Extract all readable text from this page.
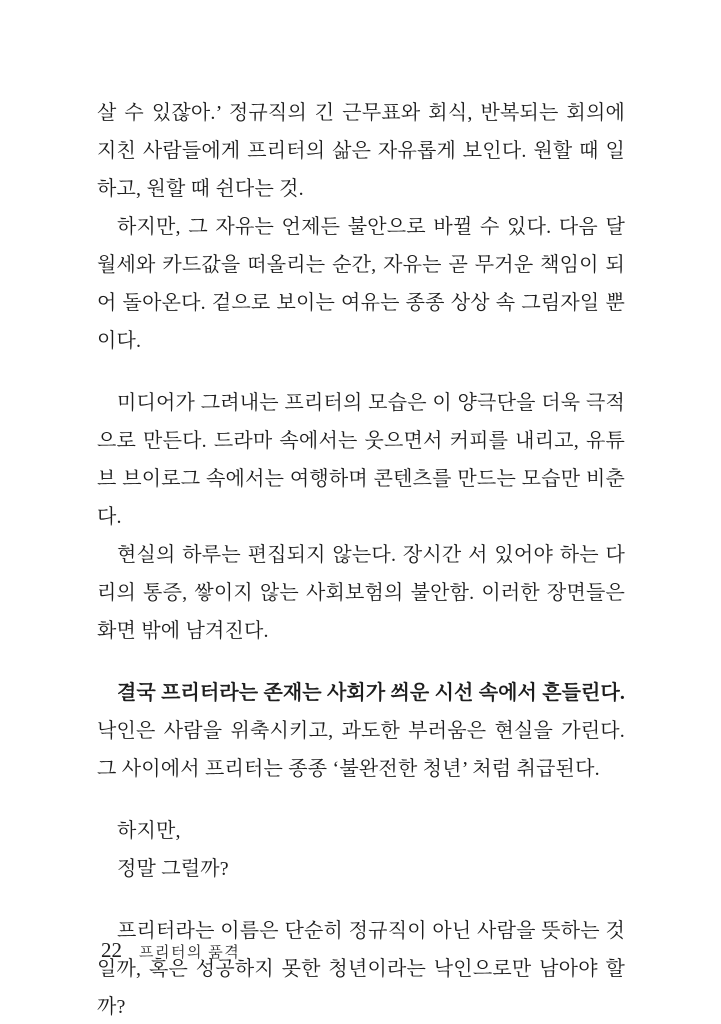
살 수 있잖아.’ 정규직의 긴 근무표와 회식, 반복되는 회의에 지친 사람들에게 프리터의 삶은 자유롭게 보인다. 원할 때 일하고, 원할 때 쉰다는 것.

하지만, 그 자유는 언제든 불안으로 바뀔 수 있다. 다음 달 월세와 카드값을 떠올리는 순간, 자유는 곧 무거운 책임이 되어 돌아온다. 겉으로 보이는 여유는 종종 상상 속 그림자일 뿐이다.

미디어가 그려내는 프리터의 모습은 이 양극단을 더욱 극적으로 만든다. 드라마 속에서는 웃으면서 커피를 내리고, 유튜브 브이로그 속에서는 여행하며 콘텐츠를 만드는 모습만 비춘다.

현실의 하루는 편집되지 않는다. 장시간 서 있어야 하는 다리의 통증, 쌓이지 않는 사회보험의 불안함. 이러한 장면들은 화면 밖에 남겨진다.

결국 프리터라는 존재는 사회가 씌운 시선 속에서 흔들린다. 낙인은 사람을 위축시키고, 과도한 부러움은 현실을 가린다. 그 사이에서 프리터는 종종 ‘불완전한 청년’ 처럼 취급된다.

하지만,

정말 그럴까?

프리터라는 이름은 단순히 정규직이 아닌 사람을 뜻하는 것일까, 혹은 성공하지 못한 청년이라는 낙인으로만 남아야 할까?

22 프리터의 품격
